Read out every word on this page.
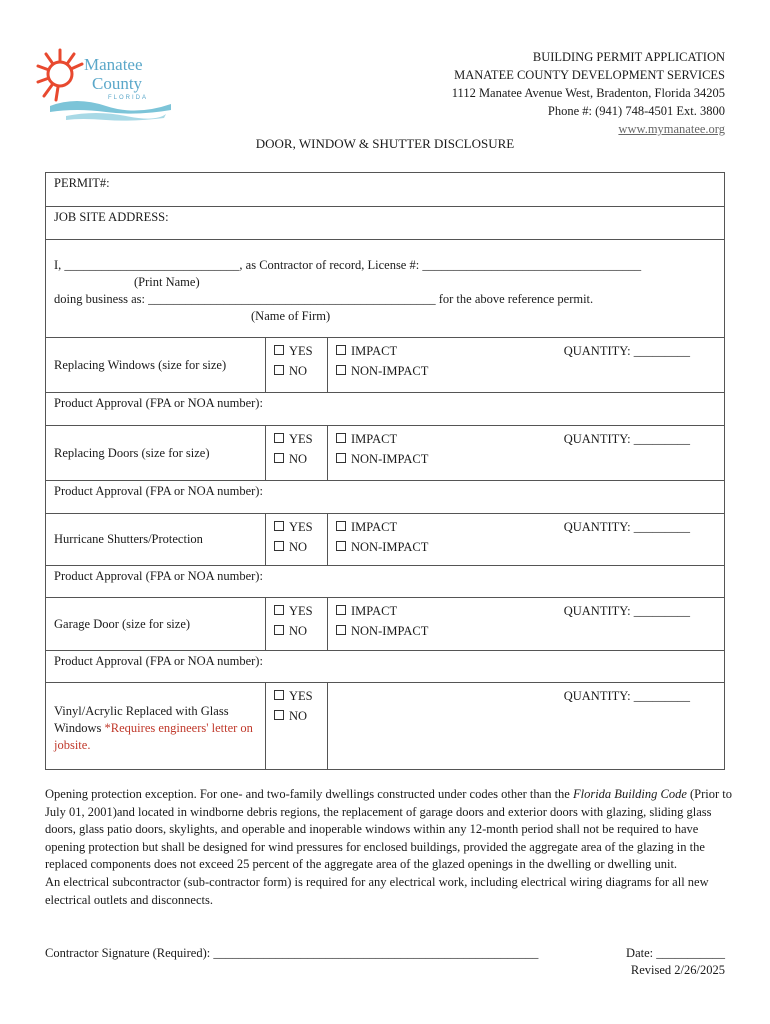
Manatee
County
FLORIDA
BUILDING PERMIT APPLICATION
MANATEE COUNTY DEVELOPMENT SERVICES
1112 Manatee Avenue West, Bradenton, Florida 34205
Phone #: (941) 748-4501 Ext. 3800
www.mymanatee.org
DOOR, WINDOW & SHUTTER DISCLOSURE
PERMIT#:
JOB SITE ADDRESS:
I, ____________________________, as Contractor of record, License #: ___________________________________
(Print Name)
doing business as: ______________________________________________ for the above reference permit.
(Name of Firm)
Replacing Windows (size for size)
YES
NO
IMPACT
NON-IMPACT
QUANTITY: _________
Product Approval (FPA or NOA number):
Replacing Doors (size for size)
YES
NO
IMPACT
NON-IMPACT
QUANTITY: _________
Product Approval (FPA or NOA number):
Hurricane Shutters/Protection
YES
NO
IMPACT
NON-IMPACT
QUANTITY: _________
Product Approval (FPA or NOA number):
Garage Door (size for size)
YES
NO
IMPACT
NON-IMPACT
QUANTITY: _________
Product Approval (FPA or NOA number):
Vinyl/Acrylic Replaced with Glass Windows *Requires engineers' letter on jobsite.
YES
NO
QUANTITY: _________
Opening protection exception. For one- and two-family dwellings constructed under codes other than the Florida Building Code (Prior to July 01, 2001)and located in windborne debris regions, the replacement of garage doors and exterior doors with glazing, sliding glass doors, glass patio doors, skylights, and operable and inoperable windows within any 12-month period shall not be required to have opening protection but shall be designed for wind pressures for enclosed buildings, provided the aggregate area of the glazing in the replaced components does not exceed 25 percent of the aggregate area of the glazed openings in the dwelling or dwelling unit.
An electrical subcontractor (sub-contractor form) is required for any electrical work, including electrical wiring diagrams for all new electrical outlets and disconnects.
Contractor Signature (Required): ____________________________________________________	Date: ___________
Revised 2/26/2025
